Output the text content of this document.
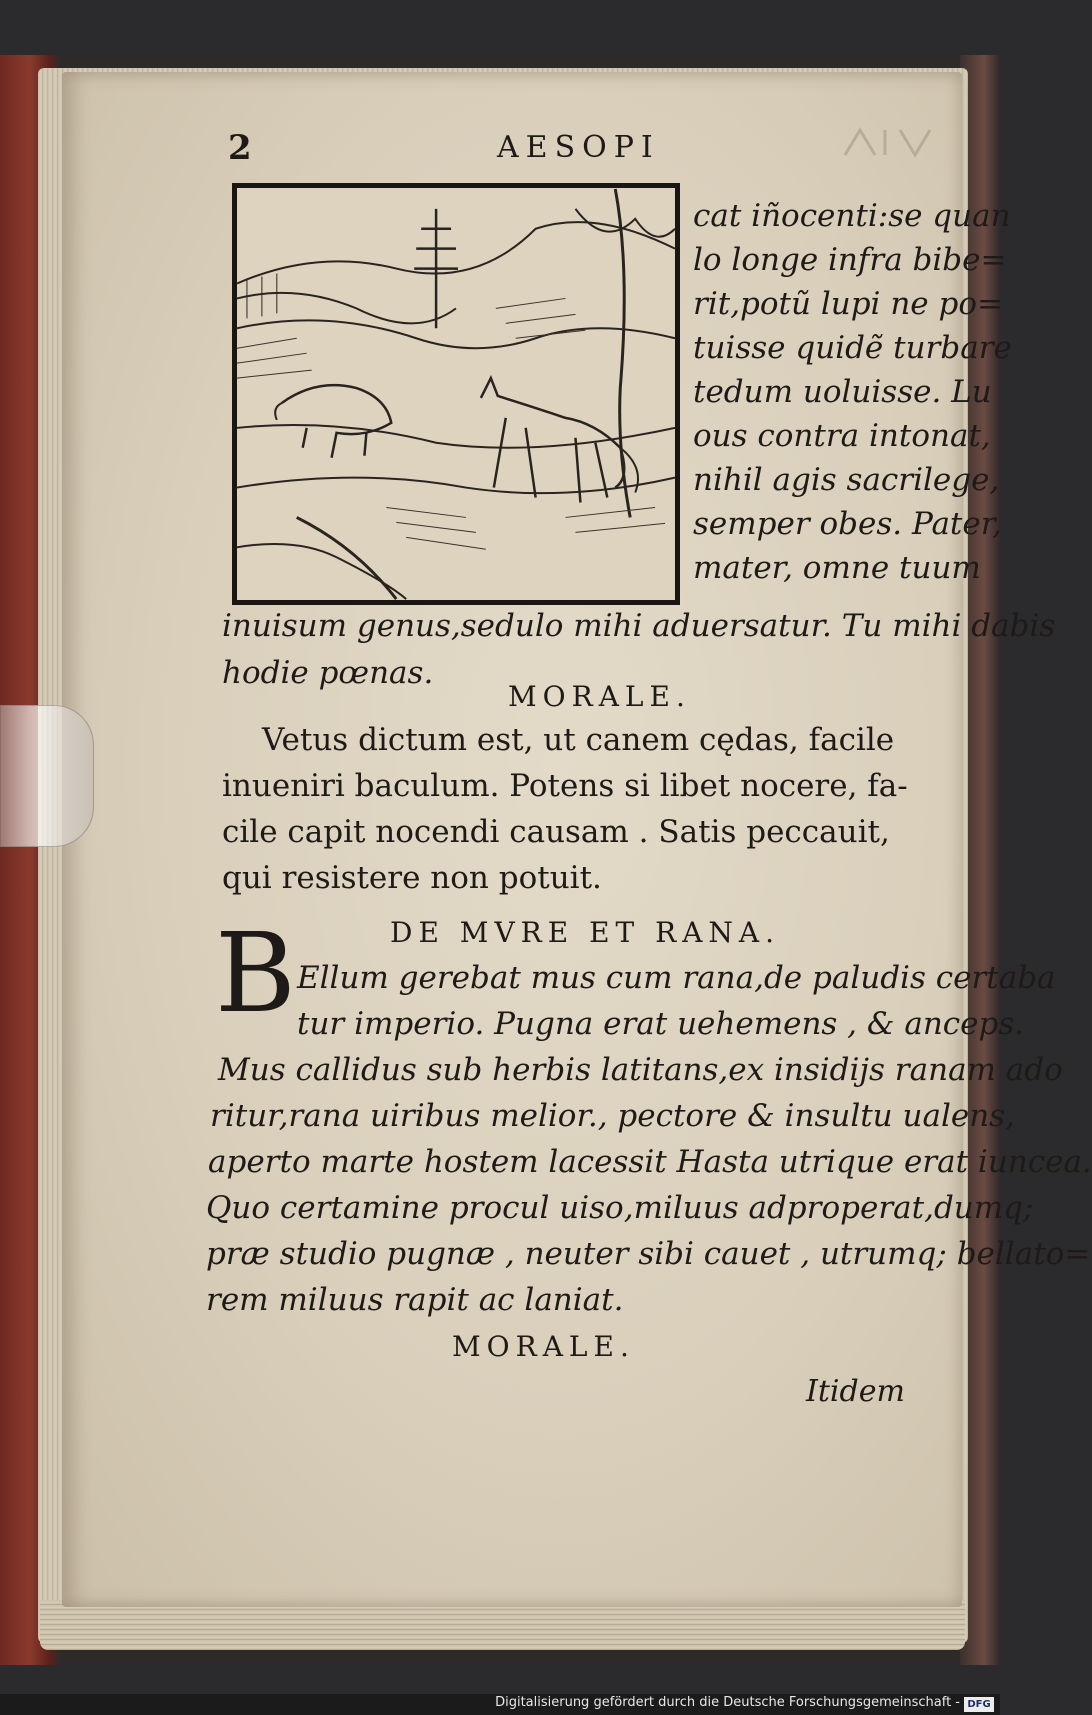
2	AESOPI
cat iñocenti:se quan
lo longe infra bibe=
rit,potũ lupi ne po=
tuisse quidẽ turbare
tedum uoluisse. Lu
ous contra intonat,
nihil agis sacrilege,
semper obes. Pater,
mater, omne tuum
inuisum genus,sedulo mihi aduersatur. Tu mihi dabis
hodie pœnas.
MORALE.
Vetus dictum est, ut canem cędas, facile
inueniri baculum. Potens si libet nocere, fa-
cile capit nocendi causam . Satis peccauit,
qui resistere non potuit.
DE MVRE ET RANA.
B Ellum gerebat mus cum rana,de paludis certaba
tur imperio. Pugna erat uehemens , & anceps.
Mus callidus sub herbis latitans,ex insidijs ranam ado
ritur,rana uiribus melior., pectore & insultu ualens,
aperto marte hostem lacessit Hasta utrique erat iuncea.
Quo certamine procul uiso,miluus adproperat,dumq;
præ studio pugnæ , neuter sibi cauet , utrumq; bellato=
rem miluus rapit ac laniat.
MORALE.
Itidem
Digitalisierung gefördert durch die Deutsche Forschungsgemeinschaft - DFG
